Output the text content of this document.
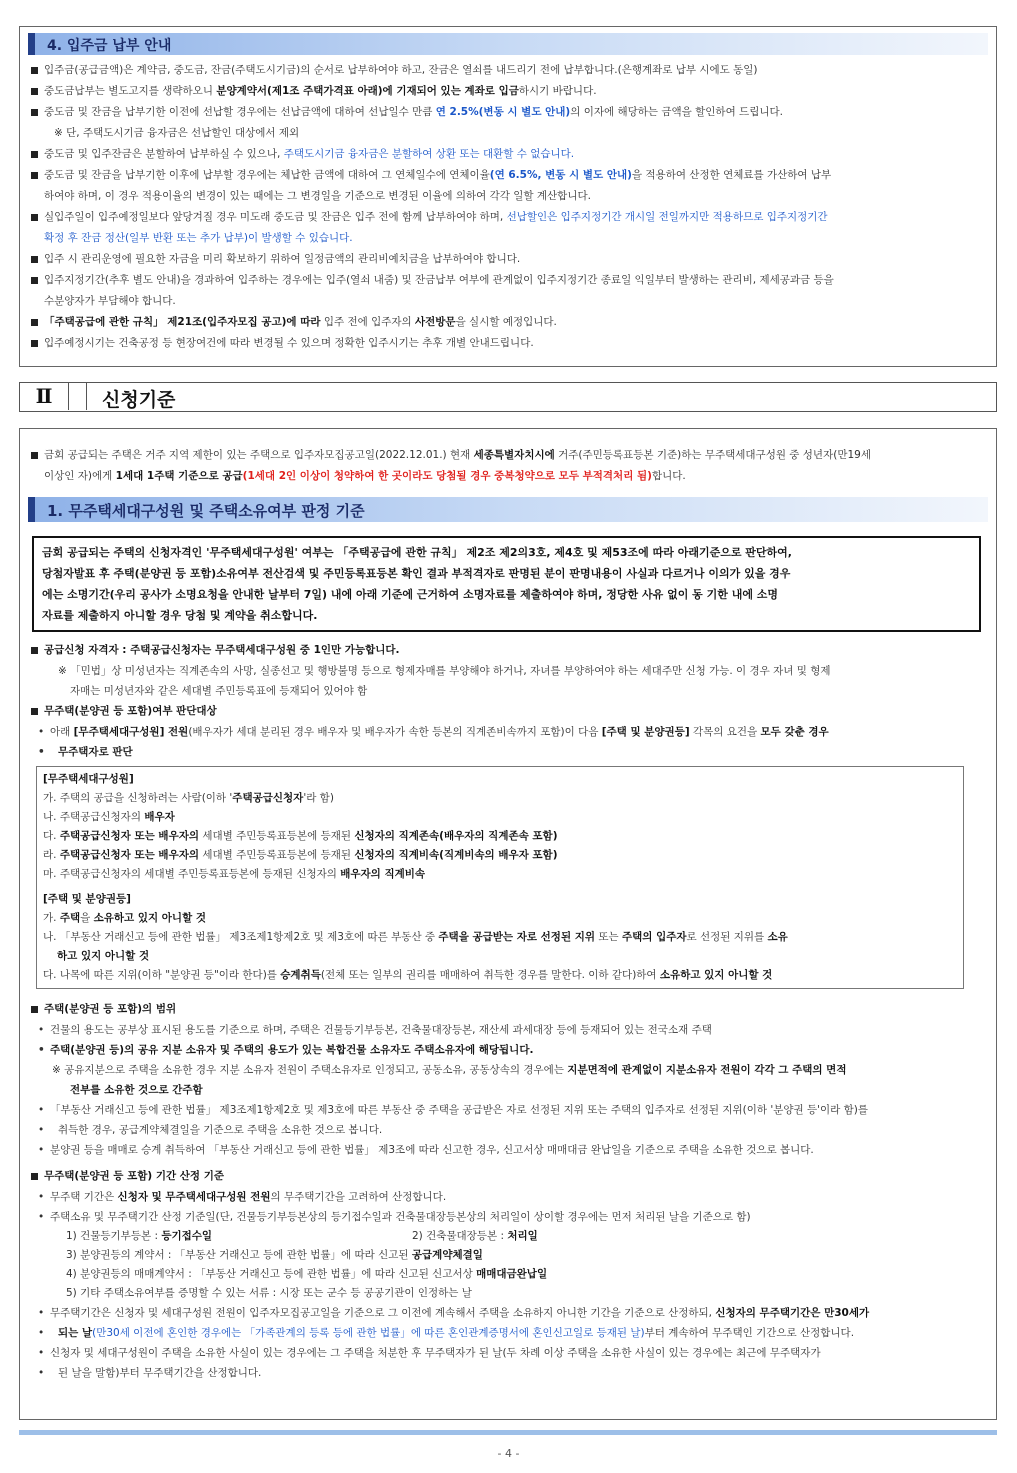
4. 입주금 납부 안내
입주금(공급금액)은 계약금, 중도금, 잔금(주택도시기금)의 순서로 납부하여야 하고, 잔금은 열쇠를 내드리기 전에 납부합니다.(은행계좌로 납부 시에도 동일)
중도금납부는 별도고지를 생략하오니 분양계약서(제1조 주택가격표 아래)에 기재되어 있는 계좌로 입금하시기 바랍니다.
중도금 및 잔금을 납부기한 이전에 선납할 경우에는 선납금액에 대하여 선납일수 만큼 연 2.5%(변동 시 별도 안내)의 이자에 해당하는 금액을 할인하여 드립니다.
※ 단, 주택도시기금 융자금은 선납할인 대상에서 제외
중도금 및 입주잔금은 분할하여 납부하실 수 있으나, 주택도시기금 융자금은 분할하여 상환 또는 대환할 수 없습니다.
중도금 및 잔금을 납부기한 이후에 납부할 경우에는 체납한 금액에 대하여 그 연체일수에 연체이율(연 6.5%, 변동 시 별도 안내)을 적용하여 산정한 연체료를 가산하여 납부
하여야 하며, 이 경우 적용이율의 변경이 있는 때에는 그 변경일을 기준으로 변경된 이율에 의하여 각각 일할 계산합니다.
실입주일이 입주예정일보다 앞당겨질 경우 미도래 중도금 및 잔금은 입주 전에 함께 납부하여야 하며, 선납할인은 입주지정기간 개시일 전일까지만 적용하므로 입주지정기간
확정 후 잔금 정산(일부 반환 또는 추가 납부)이 발생할 수 있습니다.
입주 시 관리운영에 필요한 자금을 미리 확보하기 위하여 일정금액의 관리비예치금을 납부하여야 합니다.
입주지정기간(추후 별도 안내)을 경과하여 입주하는 경우에는 입주(열쇠 내줌) 및 잔금납부 여부에 관계없이 입주지정기간 종료일 익일부터 발생하는 관리비, 제세공과금 등을
수분양자가 부담해야 합니다.
「주택공급에 관한 규칙」 제21조(입주자모집 공고)에 따라 입주 전에 입주자의 사전방문을 실시할 예정입니다.
입주예정시기는 건축공정 등 현장여건에 따라 변경될 수 있으며 정확한 입주시기는 추후 개별 안내드립니다.
Ⅱ	신청기준
금회 공급되는 주택은 거주 지역 제한이 있는 주택으로 입주자모집공고일(2022.12.01.) 현재 세종특별자치시에 거주(주민등록표등본 기준)하는 무주택세대구성원 중 성년자(만19세
이상인 자)에게 1세대 1주택 기준으로 공급(1세대 2인 이상이 청약하여 한 곳이라도 당첨될 경우 중복청약으로 모두 부적격처리 됨)합니다.
1. 무주택세대구성원 및 주택소유여부 판정 기준
금회 공급되는 주택의 신청자격인 '무주택세대구성원' 여부는 「주택공급에 관한 규칙」 제2조 제2의3호, 제4호 및 제53조에 따라 아래기준으로 판단하여,
당첨자발표 후 주택(분양권 등 포함)소유여부 전산검색 및 주민등록표등본 확인 결과 부적격자로 판명된 분이 판명내용이 사실과 다르거나 이의가 있을 경우
에는 소명기간(우리 공사가 소명요청을 안내한 날부터 7일) 내에 아래 기준에 근거하여 소명자료를 제출하여야 하며, 정당한 사유 없이 동 기한 내에 소명
자료를 제출하지 아니할 경우 당첨 및 계약을 취소합니다.
공급신청 자격자 : 주택공급신청자는 무주택세대구성원 중 1인만 가능합니다.
※ 「민법」상 미성년자는 직계존속의 사망, 실종선고 및 행방불명 등으로 형제자매를 부양해야 하거나, 자녀를 부양하여야 하는 세대주만 신청 가능. 이 경우 자녀 및 형제
자매는 미성년자와 같은 세대별 주민등록표에 등재되어 있어야 함
무주택(분양권 등 포함)여부 판단대상
• 아래 [무주택세대구성원] 전원(배우자가 세대 분리된 경우 배우자 및 배우자가 속한 등본의 직계존비속까지 포함)이 다음 [주택 및 분양권등] 각목의 요건을 모두 갖춘 경우
• 무주택자로 판단
[무주택세대구성원]
가. 주택의 공급을 신청하려는 사람(이하 '주택공급신청자'라 함)
나. 주택공급신청자의 배우자
다. 주택공급신청자 또는 배우자의 세대별 주민등록표등본에 등재된 신청자의 직계존속(배우자의 직계존속 포함)
라. 주택공급신청자 또는 배우자의 세대별 주민등록표등본에 등재된 신청자의 직계비속(직계비속의 배우자 포함)
마. 주택공급신청자의 세대별 주민등록표등본에 등재된 신청자의 배우자의 직계비속
[주택 및 분양권등]
가. 주택을 소유하고 있지 아니할 것
나. 「부동산 거래신고 등에 관한 법률」 제3조제1항제2호 및 제3호에 따른 부동산 중 주택을 공급받는 자로 선정된 지위 또는 주택의 입주자로 선정된 지위를 소유
하고 있지 아니할 것
다. 나목에 따른 지위(이하 "분양권 등"이라 한다)를 승계취득(전체 또는 일부의 권리를 매매하여 취득한 경우를 말한다. 이하 같다)하여 소유하고 있지 아니할 것
주택(분양권 등 포함)의 범위
• 건물의 용도는 공부상 표시된 용도를 기준으로 하며, 주택은 건물등기부등본, 건축물대장등본, 재산세 과세대장 등에 등재되어 있는 전국소재 주택
• 주택(분양권 등)의 공유 지분 소유자 및 주택의 용도가 있는 복합건물 소유자도 주택소유자에 해당됩니다.
※ 공유지분으로 주택을 소유한 경우 지분 소유자 전원이 주택소유자로 인정되고, 공동소유, 공동상속의 경우에는 지분면적에 관계없이 지분소유자 전원이 각각 그 주택의 면적
전부를 소유한 것으로 간주함
• 「부동산 거래신고 등에 관한 법률」 제3조제1항제2호 및 제3호에 따른 부동산 중 주택을 공급받은 자로 선정된 지위 또는 주택의 입주자로 선정된 지위(이하 '분양권 등'이라 함)를
• 취득한 경우, 공급계약체결일을 기준으로 주택을 소유한 것으로 봅니다.
• 분양권 등을 매매로 승계 취득하여 「부동산 거래신고 등에 관한 법률」 제3조에 따라 신고한 경우, 신고서상 매매대금 완납일을 기준으로 주택을 소유한 것으로 봅니다.
무주택(분양권 등 포함) 기간 산정 기준
• 무주택 기간은 신청자 및 무주택세대구성원 전원의 무주택기간을 고려하여 산정합니다.
• 주택소유 및 무주택기간 산정 기준일(단, 건물등기부등본상의 등기접수일과 건축물대장등본상의 처리일이 상이할 경우에는 먼저 처리된 날을 기준으로 함)
1) 건물등기부등본 : 등기접수일	2) 건축물대장등본 : 처리일
3) 분양권등의 계약서 : 「부동산 거래신고 등에 관한 법률」에 따라 신고된 공급계약체결일
4) 분양권등의 매매계약서 : 「부동산 거래신고 등에 관한 법률」에 따라 신고된 신고서상 매매대금완납일
5) 기타 주택소유여부를 증명할 수 있는 서류 : 시장 또는 군수 등 공공기관이 인정하는 날
• 무주택기간은 신청자 및 세대구성원 전원이 입주자모집공고일을 기준으로 그 이전에 계속해서 주택을 소유하지 아니한 기간을 기준으로 산정하되, 신청자의 무주택기간은 만30세가
• 되는 날(만30세 이전에 혼인한 경우에는 「가족관계의 등록 등에 관한 법률」에 따른 혼인관계증명서에 혼인신고일로 등재된 날)부터 계속하여 무주택인 기간으로 산정합니다.
• 신청자 및 세대구성원이 주택을 소유한 사실이 있는 경우에는 그 주택을 처분한 후 무주택자가 된 날(두 차례 이상 주택을 소유한 사실이 있는 경우에는 최근에 무주택자가
• 된 날을 말함)부터 무주택기간을 산정합니다.
- 4 -
